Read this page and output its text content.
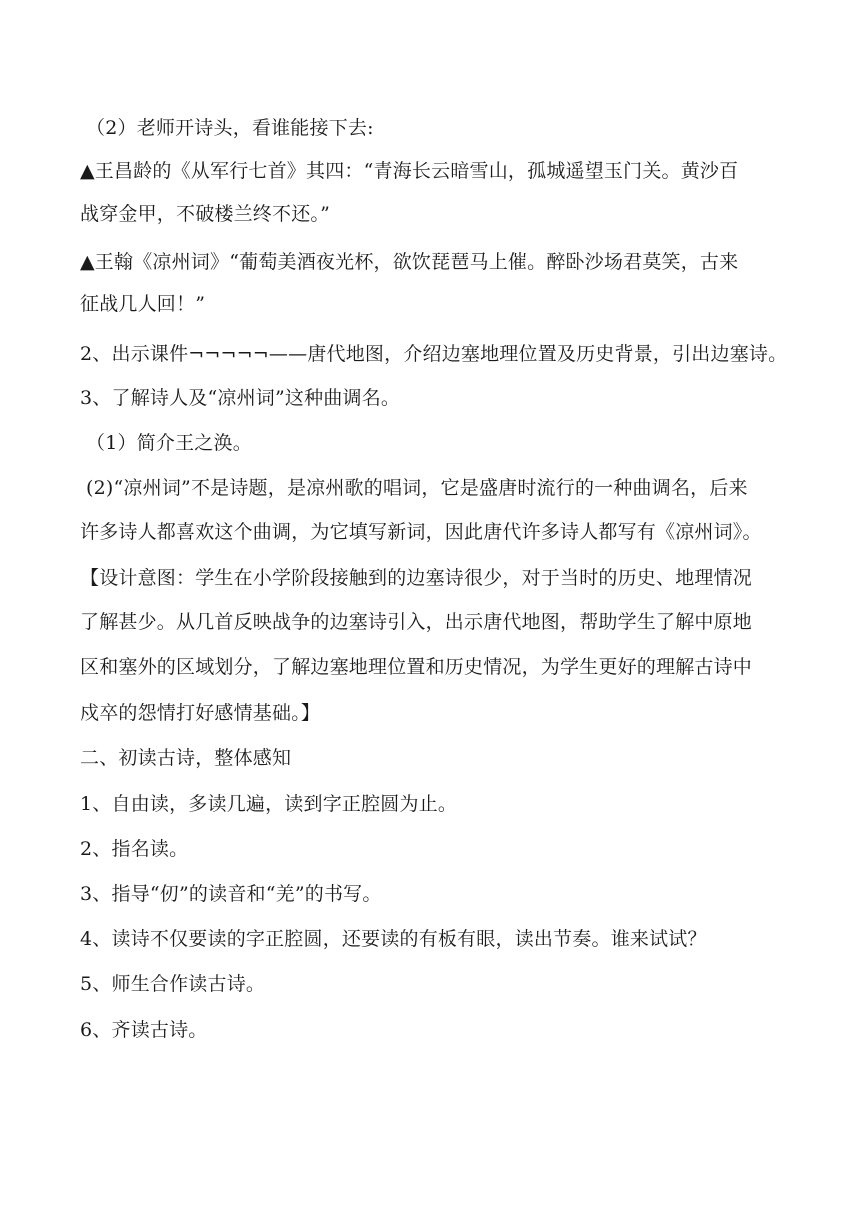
（2）老师开诗头，看谁能接下去:
▲王昌龄的《从军行七首》其四：“青海长云暗雪山，孤城遥望玉门关。黄沙百
战穿金甲，不破楼兰终不还。”
▲王翰《凉州词》“葡萄美酒夜光杯，欲饮琵琶马上催。醉卧沙场君莫笑，古来
征战几人回！”
2、出示课件¬¬¬¬¬——唐代地图，介绍边塞地理位置及历史背景，引出边塞诗。
3、了解诗人及“凉州词”这种曲调名。
（1）简介王之涣。
(2)“凉州词”不是诗题，是凉州歌的唱词，它是盛唐时流行的一种曲调名，后来
许多诗人都喜欢这个曲调，为它填写新词，因此唐代许多诗人都写有《凉州词》。
【设计意图：学生在小学阶段接触到的边塞诗很少，对于当时的历史、地理情况
了解甚少。从几首反映战争的边塞诗引入，出示唐代地图，帮助学生了解中原地
区和塞外的区域划分，了解边塞地理位置和历史情况，为学生更好的理解古诗中
戍卒的怨情打好感情基础。】
二、初读古诗，整体感知
1、自由读，多读几遍，读到字正腔圆为止。
2、指名读。
3、指导“仞”的读音和“羌”的书写。
4、读诗不仅要读的字正腔圆，还要读的有板有眼，读出节奏。谁来试试？
5、师生合作读古诗。
6、齐读古诗。
